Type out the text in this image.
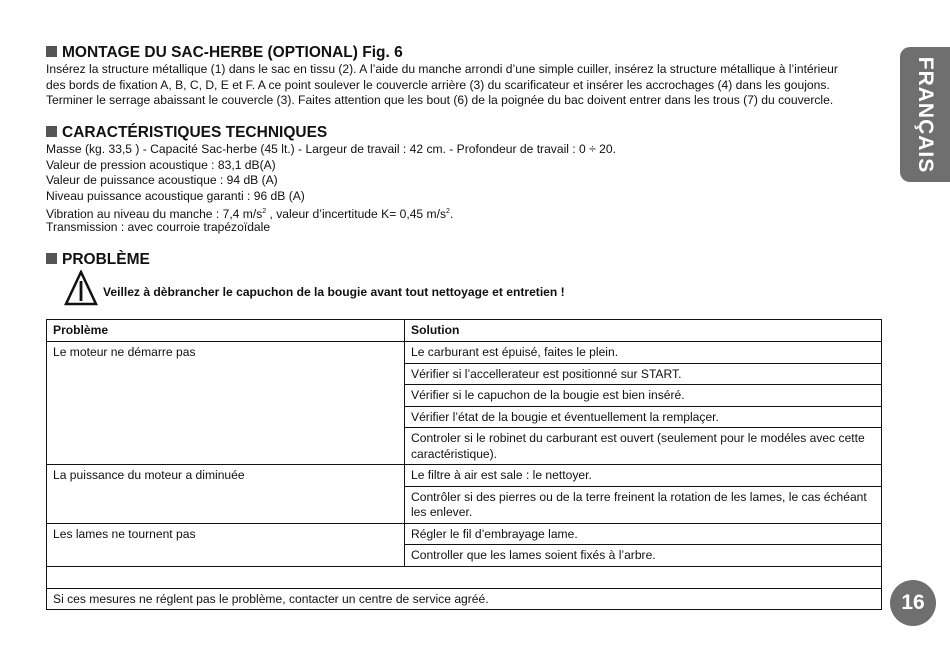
MONTAGE DU SAC-HERBE (OPTIONAL) Fig. 6
Insérez la structure métallique (1) dans le sac en tissu (2). A l’aide du manche arrondi d’une simple cuiller, insérez la structure métallique à l’intérieur
des bords de fixation A, B, C, D, E et F. A ce point soulever le couvercle arrière (3) du scarificateur et insérer les accrochages (4) dans les goujons.
Terminer le serrage abaissant le couvercle (3). Faites attention que les bout (6) de la poignée du bac doivent entrer dans les trous (7) du couvercle.
CARACTÉRISTIQUES TECHNIQUES
Masse (kg. 33,5 ) - Capacité Sac-herbe (45 lt.) - Largeur de travail : 42 cm. - Profondeur de travail : 0 ÷ 20.
Valeur de pression acoustique : 83,1 dB(A)
Valeur de puissance acoustique : 94 dB (A)
Niveau puissance acoustique garanti : 96 dB (A)
Vibration au niveau du manche : 7,4 $m/s^2$ , valeur d’incertitude K= 0,45 $m/s^2$.
Transmission : avec courroie trapézoïdale
PROBLÈME
Veillez à dèbrancher le capuchon de la bougie avant tout nettoyage et entretien !
Problème	Solution
Le moteur ne démarre pas	Le carburant est épuisé, faites le plein.
	Vérifier si l’accellerateur est positionné sur START.
	Vérifier si le capuchon de la bougie est bien inséré.
	Vérifier l’état de la bougie et éventuellement la remplaçer.
	Controler si le robinet du carburant est ouvert (seulement pour le modéles avec cette caractéristique).
La puissance du moteur a diminuée	Le filtre à air est sale : le nettoyer.
	Contrôler si des pierres ou de la terre freinent la rotation de les lames, le cas échéant les enlever.
Les lames ne tournent pas	Régler le fil d’embrayage lame.
	Controller que les lames soient fixés à l’arbre.

Si ces mesures ne réglent pas le problème, contacter un centre de service agréé.	
FRANÇAIS
16
